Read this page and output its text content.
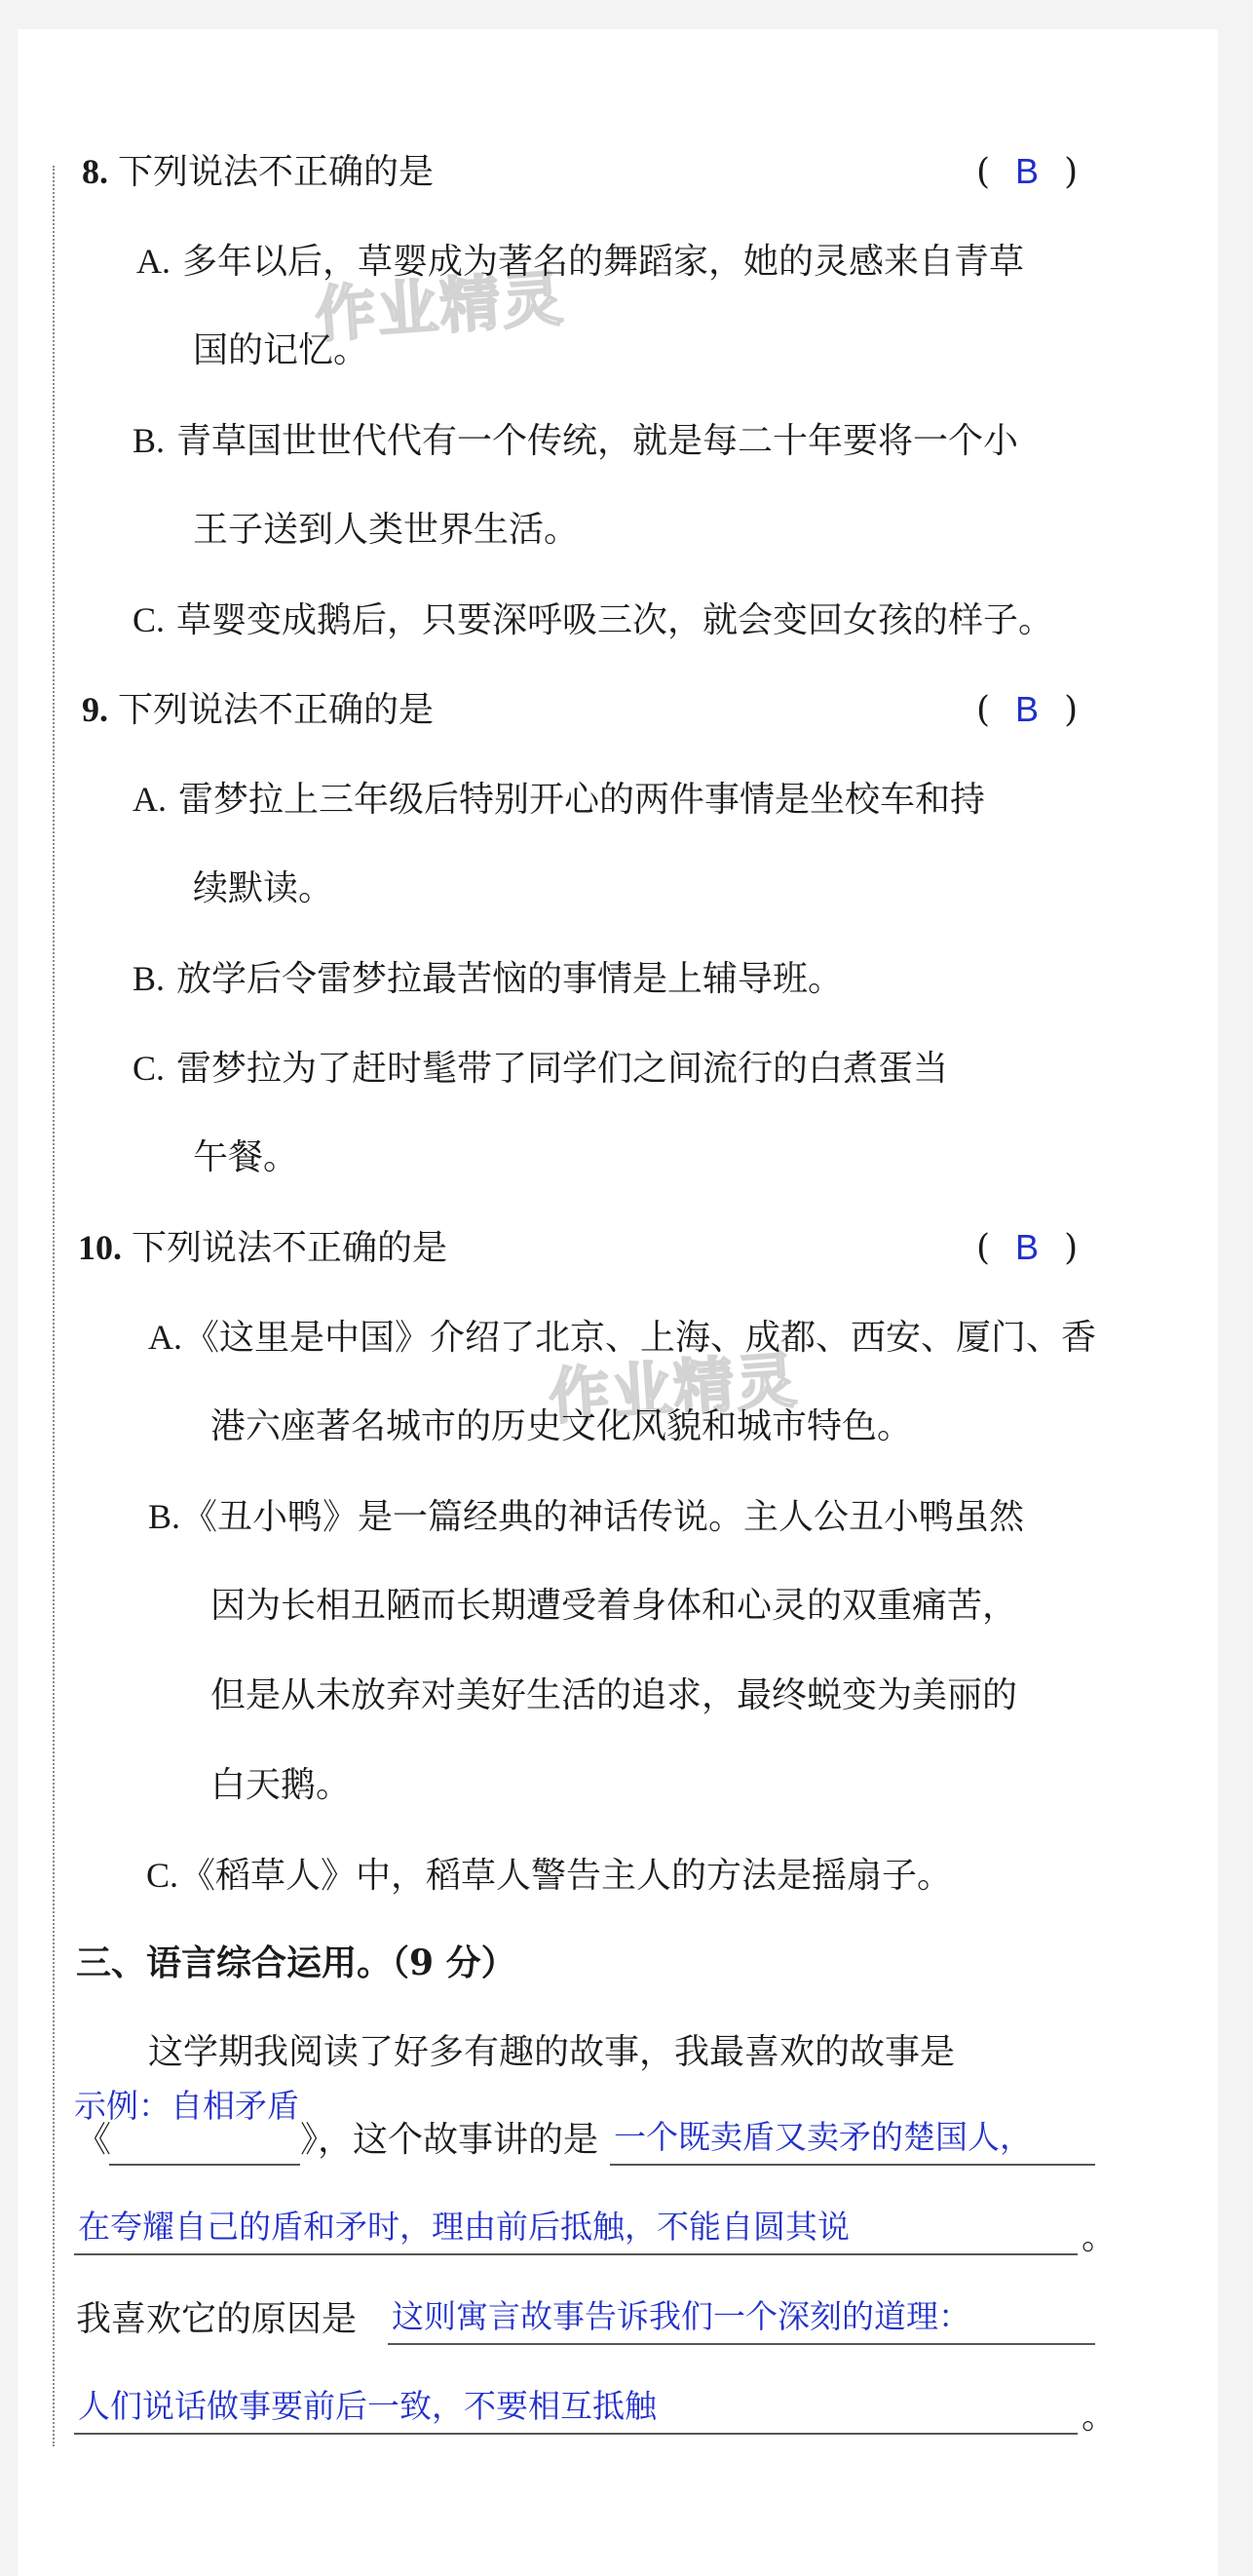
作业精灵
作业精灵
8. 下列说法不正确的是	( B )
A. 多年以后，草婴成为著名的舞蹈家，她的灵感来自青草
国的记忆。
B. 青草国世世代代有一个传统，就是每二十年要将一个小
王子送到人类世界生活。
C. 草婴变成鹅后，只要深呼吸三次，就会变回女孩的样子。
9. 下列说法不正确的是	( B )
A. 雷梦拉上三年级后特别开心的两件事情是坐校车和持
续默读。
B. 放学后令雷梦拉最苦恼的事情是上辅导班。
C. 雷梦拉为了赶时髦带了同学们之间流行的白煮蛋当
午餐。
10. 下列说法不正确的是	( B )
A.《这里是中国》介绍了北京、上海、成都、西安、厦门、香
港六座著名城市的历史文化风貌和城市特色。
B.《丑小鸭》是一篇经典的神话传说。主人公丑小鸭虽然
因为长相丑陋而长期遭受着身体和心灵的双重痛苦，
但是从未放弃对美好生活的追求，最终蜕变为美丽的
白天鹅。
C.《稻草人》中，稻草人警告主人的方法是摇扇子。
三、语言综合运用。（9 分）
这学期我阅读了好多有趣的故事，我最喜欢的故事是
示例：自相矛盾
《	》，这个故事讲的是 一个既卖盾又卖矛的楚国人，
在夸耀自己的盾和矛时，理由前后抵触，不能自圆其说	。
我喜欢它的原因是 这则寓言故事告诉我们一个深刻的道理：
人们说话做事要前后一致，不要相互抵触	。
